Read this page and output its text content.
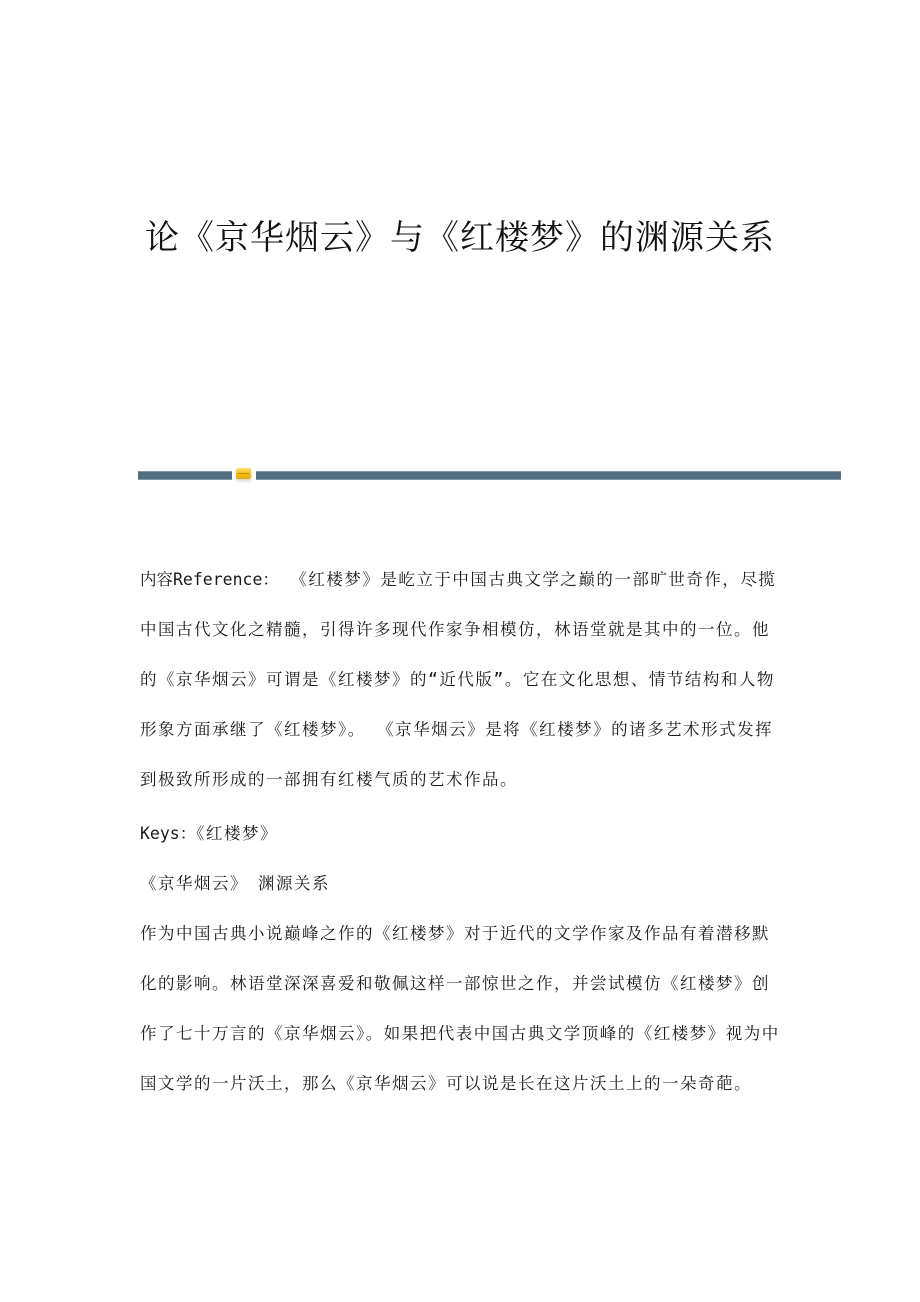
论《京华烟云》与《红楼梦》的渊源关系

内容Reference： 《红楼梦》是屹立于中国古典文学之巅的一部旷世奇作，尽揽中国古代文化之精髓，引得许多现代作家争相模仿，林语堂就是其中的一位。他的《京华烟云》可谓是《红楼梦》的“近代版”。它在文化思想、情节结构和人物形象方面承继了《红楼梦》。 《京华烟云》是将《红楼梦》的诸多艺术形式发挥到极致所形成的一部拥有红楼气质的艺术作品。

Keys：《红楼梦》

《京华烟云》 渊源关系

作为中国古典小说巅峰之作的《红楼梦》对于近代的文学作家及作品有着潜移默化的影响。林语堂深深喜爱和敬佩这样一部惊世之作，并尝试模仿《红楼梦》创作了七十万言的《京华烟云》。如果把代表中国古典文学顶峰的《红楼梦》视为中国文学的一片沃土，那么《京华烟云》可以说是长在这片沃土上的一朵奇葩。
